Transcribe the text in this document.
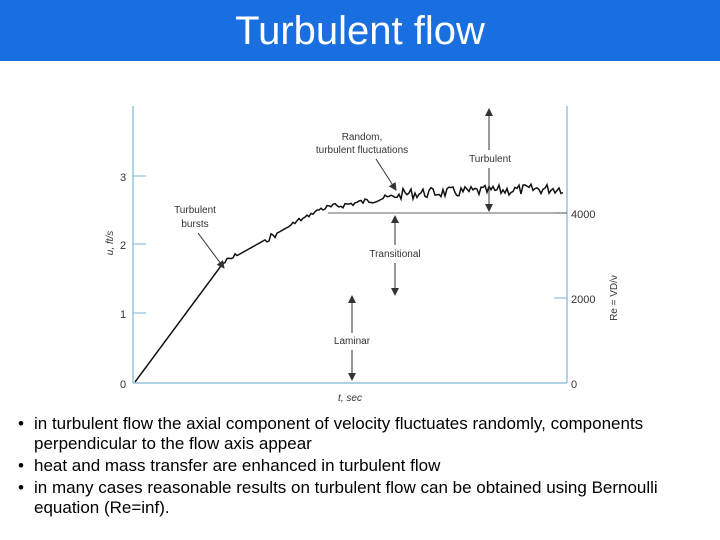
Turbulent flow
0
1
2
3
u, ft/s
0
2000
4000
Re = VD/ν
t, sec
Turbulent
Random,
turbulent fluctuations
Turbulent
bursts
Transitional
Laminar
• in turbulent flow the axial component of velocity fluctuates randomly, components perpendicular to the flow axis appear
• heat and mass transfer are enhanced in turbulent flow
• in many cases reasonable results on turbulent flow can be obtained using Bernoulli equation (Re=inf).
